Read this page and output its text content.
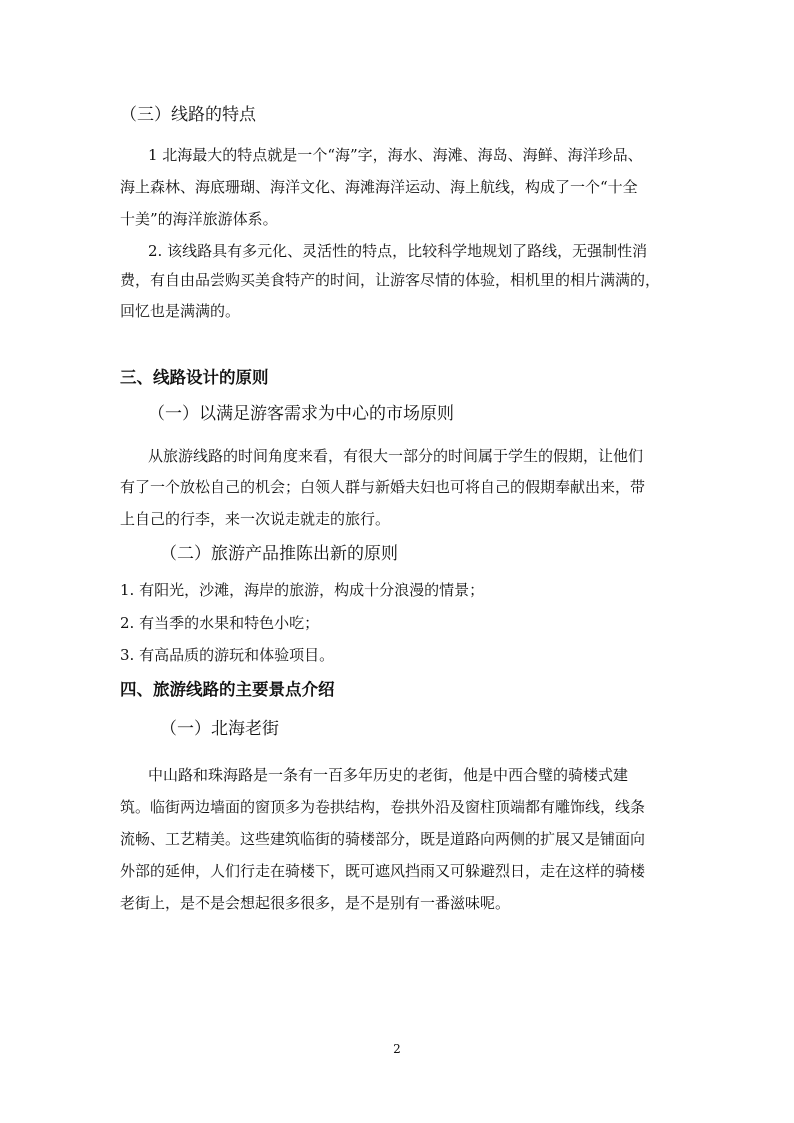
（三）线路的特点
1 北海最大的特点就是一个“海”字，海水、海滩、海岛、海鲜、海洋珍品、
海上森林、海底珊瑚、海洋文化、海滩海洋运动、海上航线，构成了一个“十全
十美”的海洋旅游体系。
2. 该线路具有多元化、灵活性的特点，比较科学地规划了路线，无强制性消
费，有自由品尝购买美食特产的时间，让游客尽情的体验，相机里的相片满满的，
回忆也是满满的。
三、线路设计的原则
（一）以满足游客需求为中心的市场原则
从旅游线路的时间角度来看，有很大一部分的时间属于学生的假期，让他们
有了一个放松自己的机会；白领人群与新婚夫妇也可将自己的假期奉献出来，带
上自己的行李，来一次说走就走的旅行。
（二）旅游产品推陈出新的原则
1. 有阳光，沙滩，海岸的旅游，构成十分浪漫的情景；
2. 有当季的水果和特色小吃；
3. 有高品质的游玩和体验项目。
四、旅游线路的主要景点介绍
（一）北海老街
中山路和珠海路是一条有一百多年历史的老街，他是中西合璧的骑楼式建
筑。临街两边墙面的窗顶多为卷拱结构，卷拱外沿及窗柱顶端都有雕饰线，线条
流畅、工艺精美。这些建筑临街的骑楼部分，既是道路向两侧的扩展又是铺面向
外部的延伸，人们行走在骑楼下，既可遮风挡雨又可躲避烈日，走在这样的骑楼
老街上，是不是会想起很多很多，是不是别有一番滋味呢。
2
